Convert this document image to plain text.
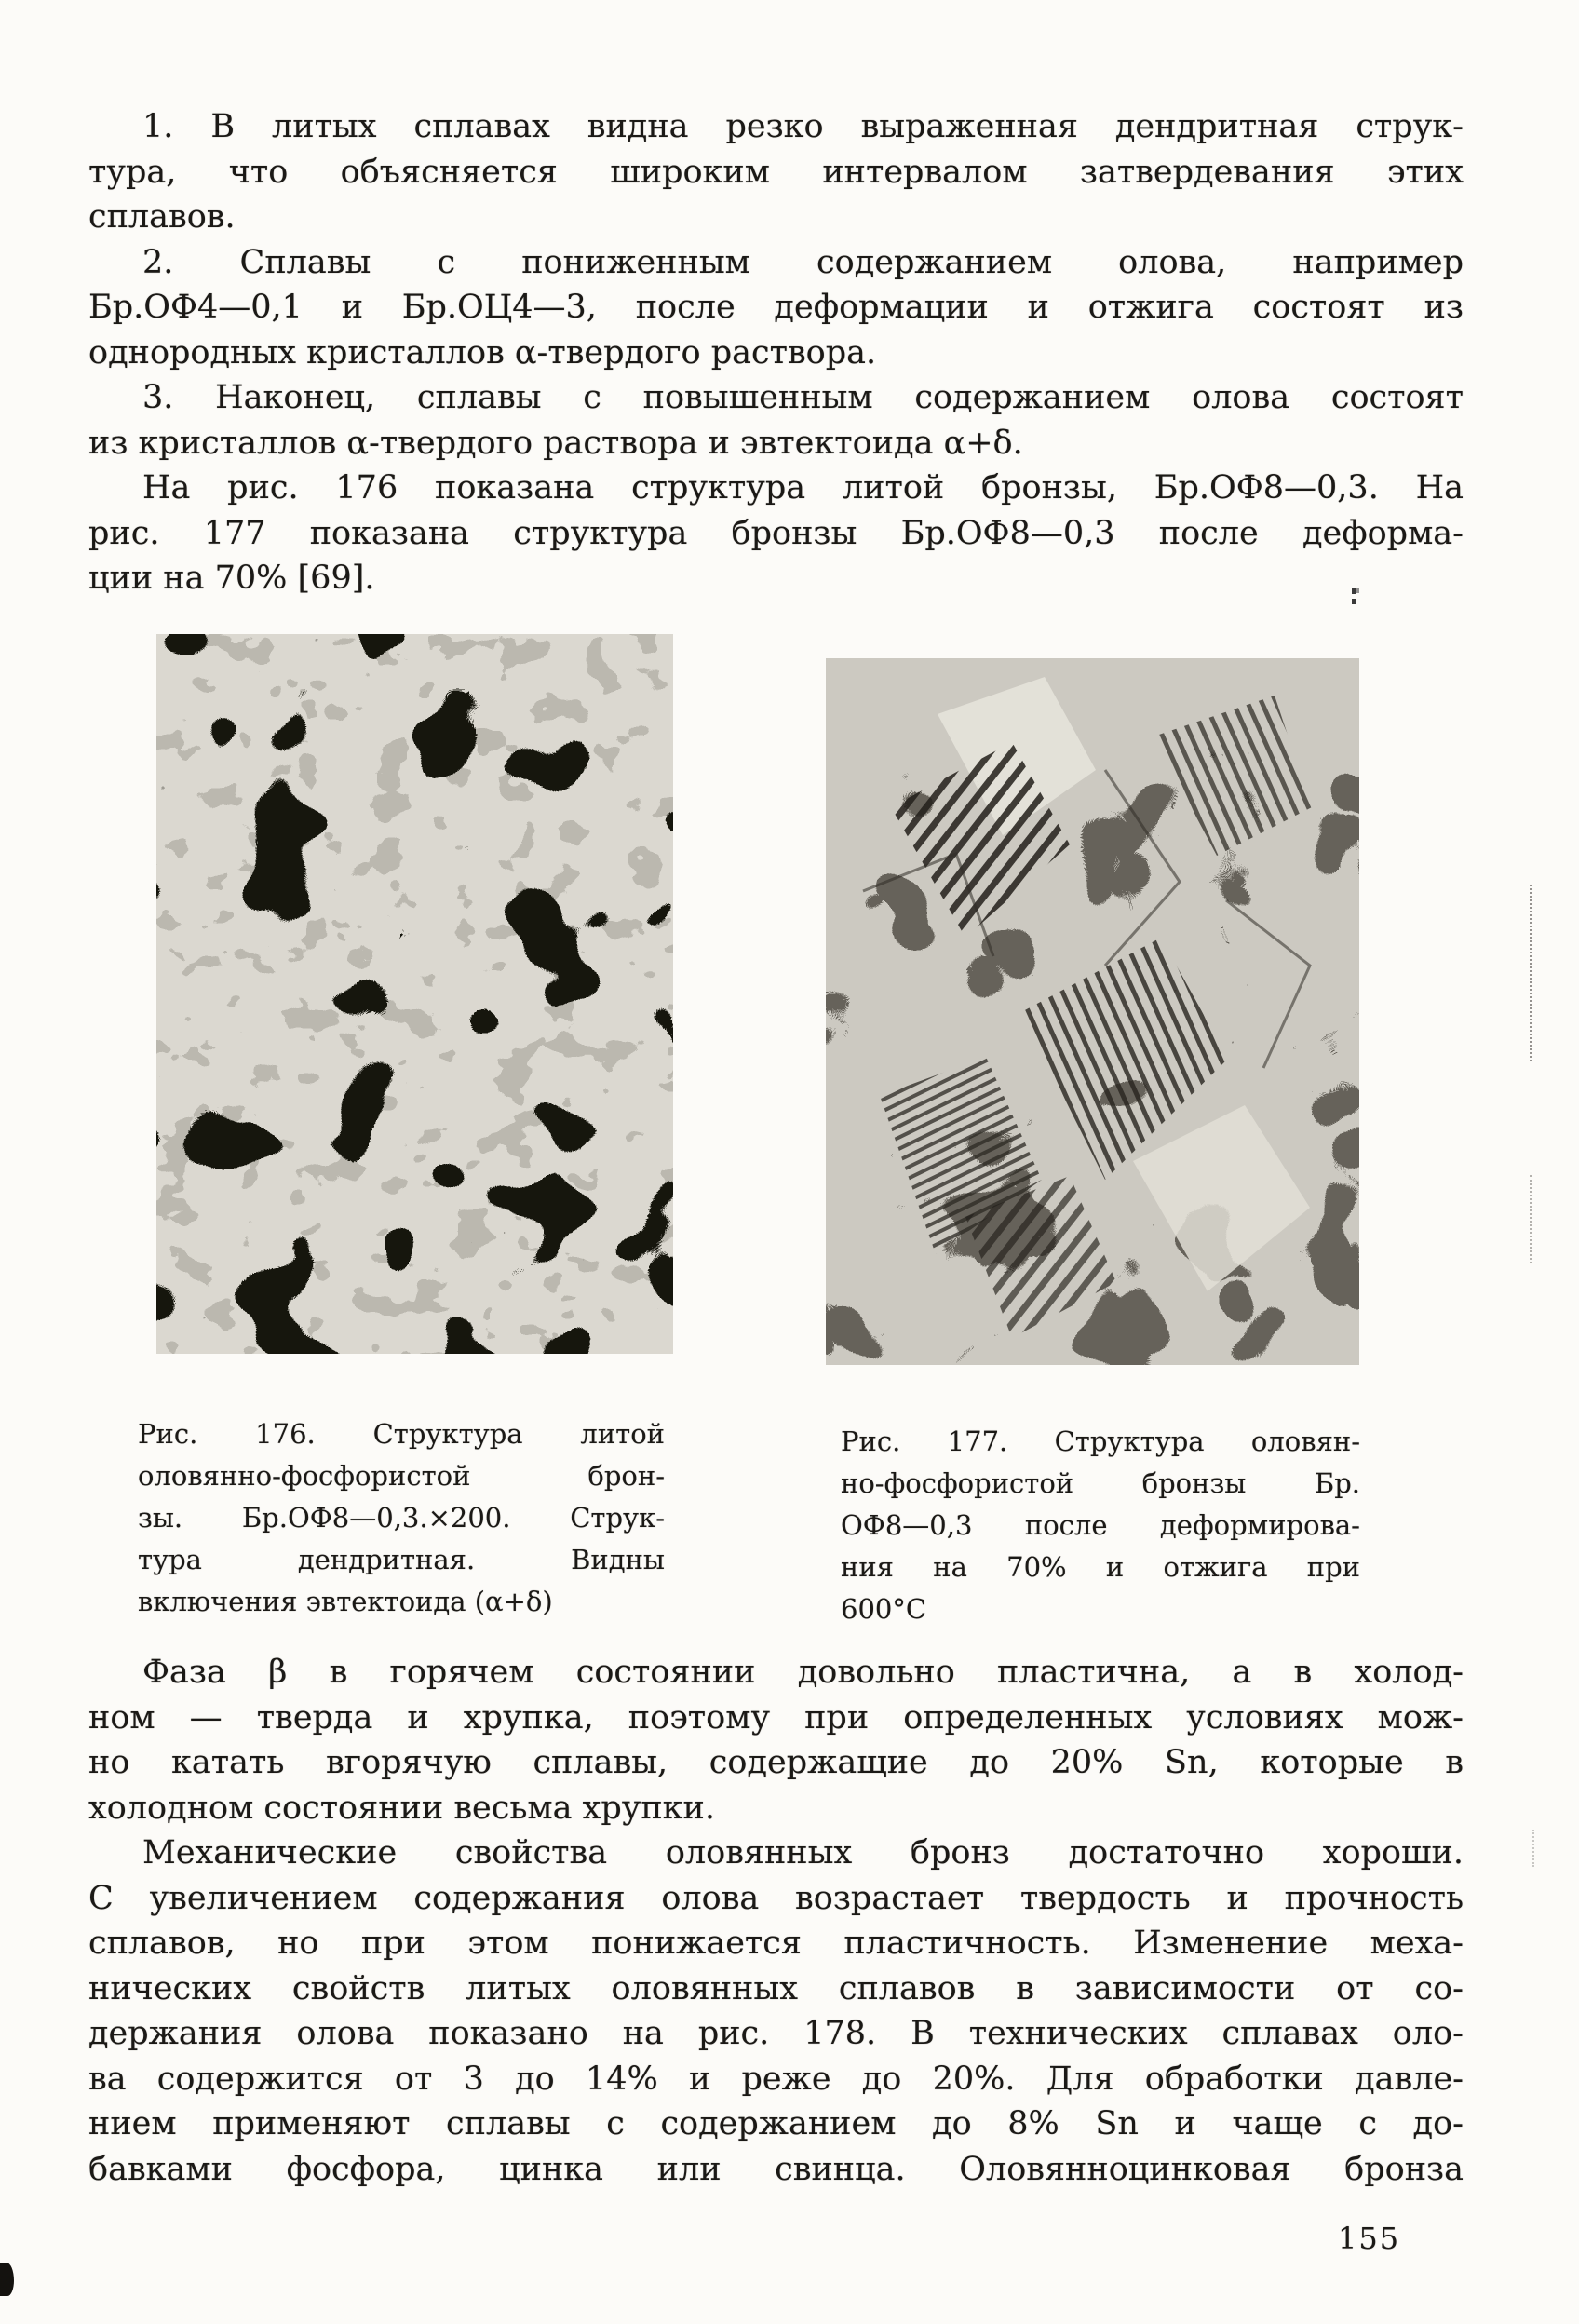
1. В литых сплавах видна резко выраженная дендритная струк-
тура, что объясняется широким интервалом затвердевания этих
сплавов.
2. Сплавы с пониженным содержанием олова, например
Бр.ОФ4—0,1 и Бр.ОЦ4—3, после деформации и отжига состоят из
однородных кристаллов α-твердого раствора.
3. Наконец, сплавы с повышенным содержанием олова состоят
из кристаллов α-твердого раствора и эвтектоида α+δ.
На рис. 176 показана структура литой бронзы, Бр.ОФ8—0,3. На
рис. 177 показана структура бронзы Бр.ОФ8—0,3 после деформа-
ции на 70% [69].
Рис. 176. Структура литой
оловянно-фосфористой брон-
зы. Бр.ОФ8—0,3.×200. Струк-
тура дендритная. Видны
включения эвтектоида (α+δ)
Рис. 177. Структура оловян-
но-фосфористой бронзы Бр.
ОФ8—0,3 после деформирова-
ния на 70% и отжига при
600°С
Фаза β в горячем состоянии довольно пластична, а в холод-
ном — тверда и хрупка, поэтому при определенных условиях мож-
но катать вгорячую сплавы, содержащие до 20% Sn, которые в
холодном состоянии весьма хрупки.
Механические свойства оловянных бронз достаточно хороши.
С увеличением содержания олова возрастает твердость и прочность
сплавов, но при этом понижается пластичность. Изменение меха-
нических свойств литых оловянных сплавов в зависимости от со-
держания олова показано на рис. 178. В технических сплавах оло-
ва содержится от 3 до 14% и реже до 20%. Для обработки давле-
нием применяют сплавы с содержанием до 8% Sn и чаще с до-
бавками фосфора, цинка или свинца. Оловянноцинковая бронза
155
